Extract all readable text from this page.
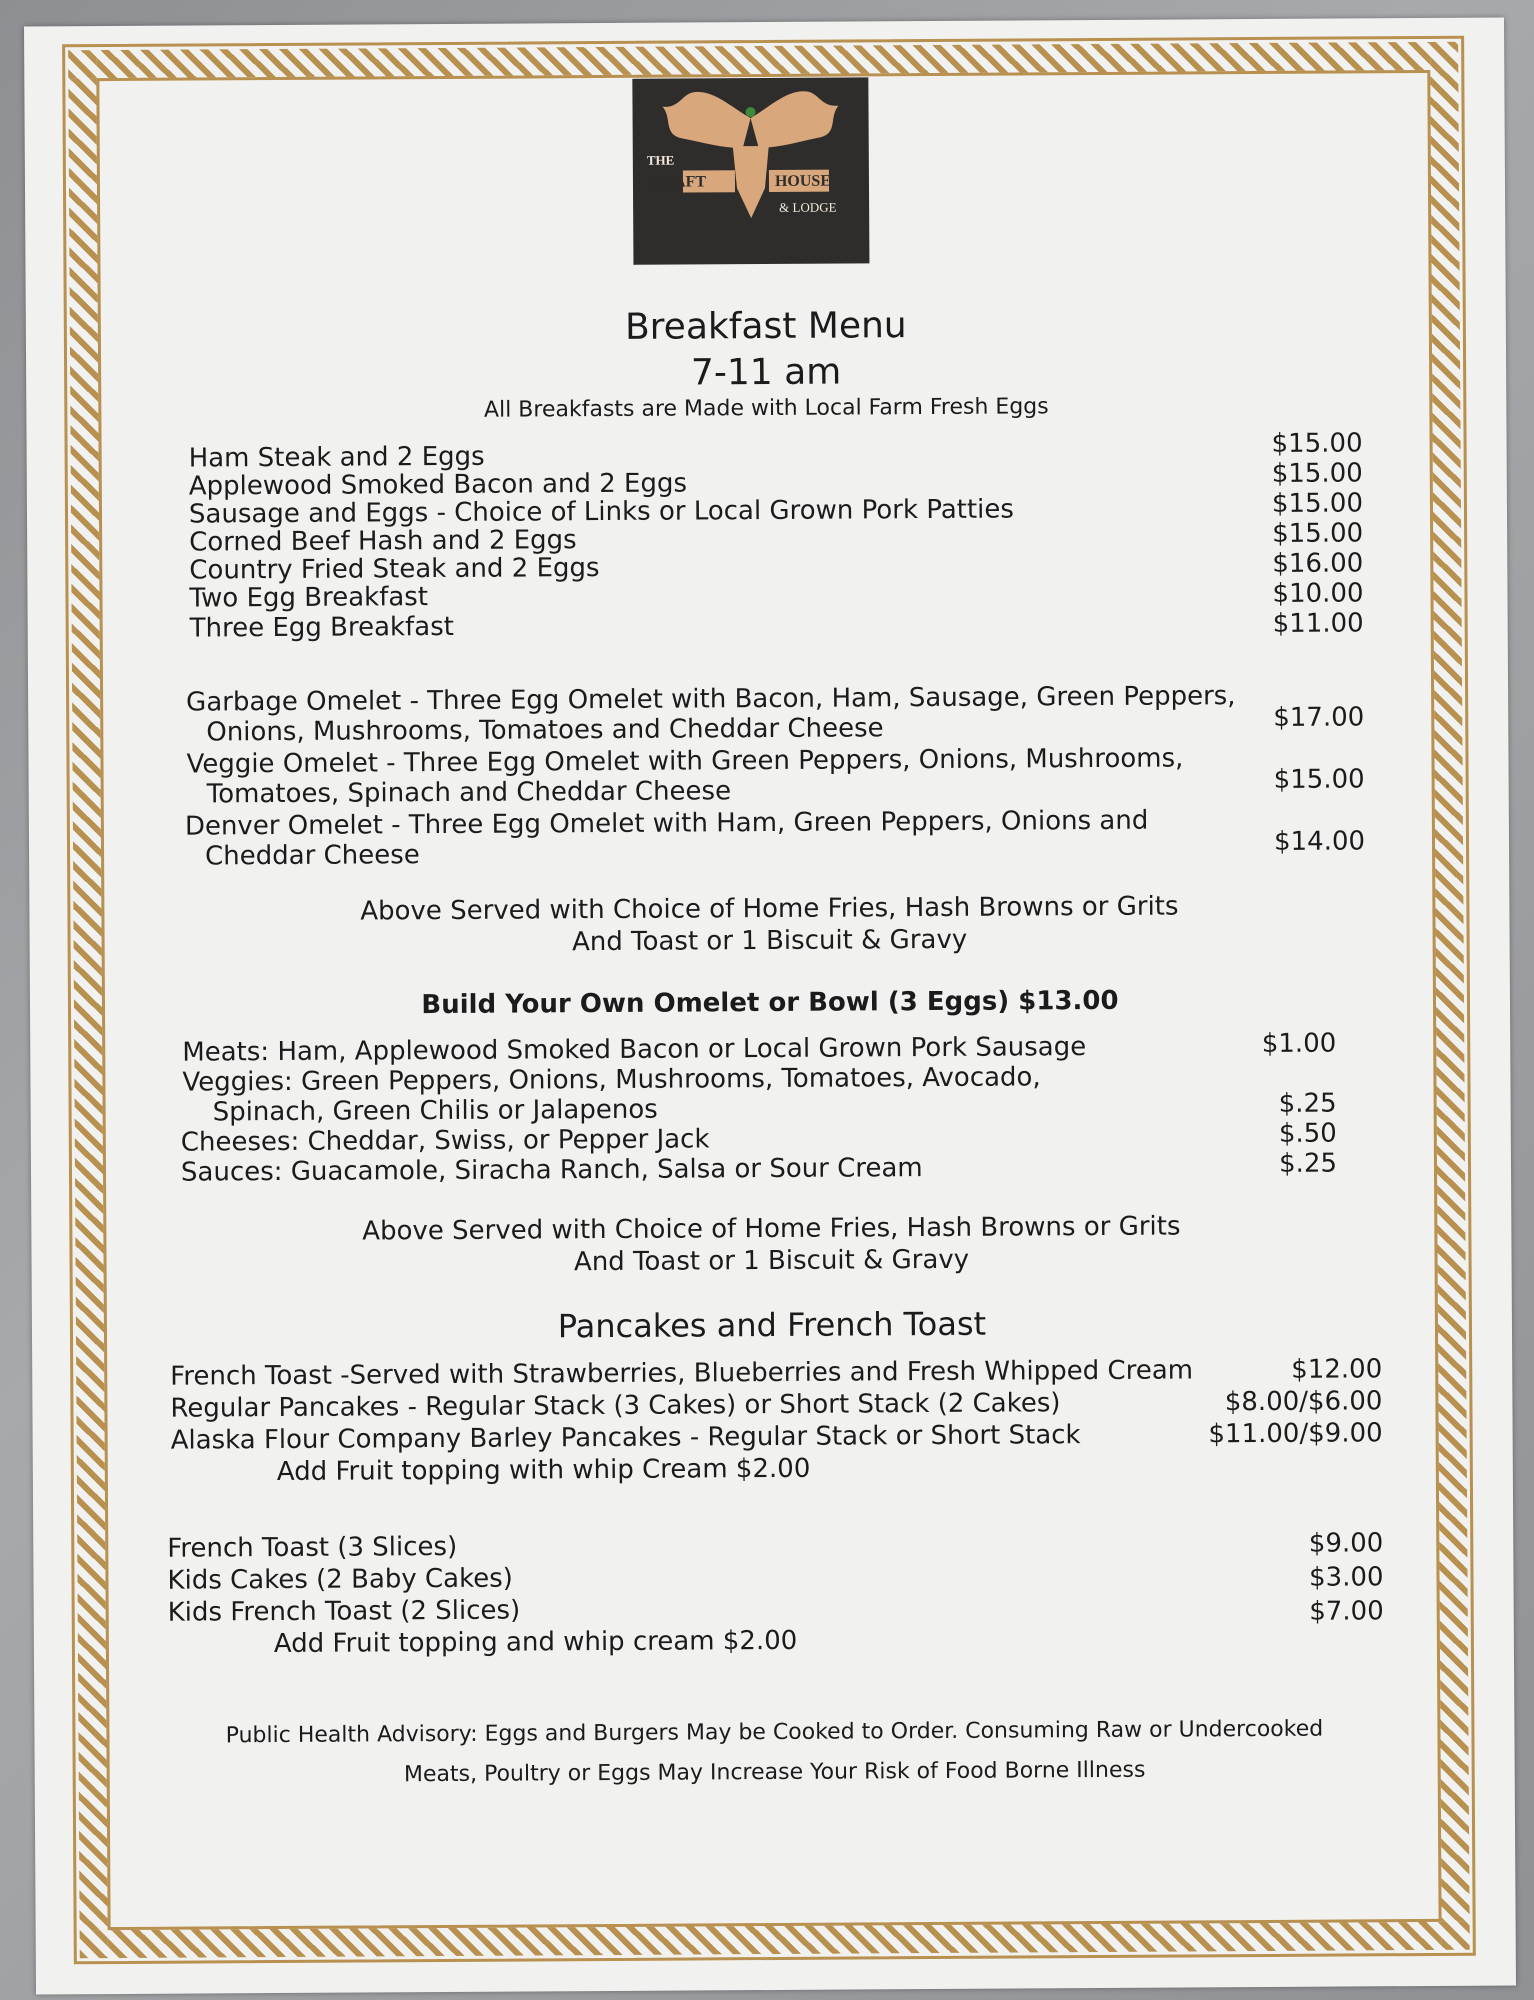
THE
DRAFT	HOUSE
& LODGE
Breakfast Menu
7-11 am
All Breakfasts are Made with Local Farm Fresh Eggs
Ham Steak and 2 Eggs	$15.00
Applewood Smoked Bacon and 2 Eggs	$15.00
Sausage and Eggs - Choice of Links or Local Grown Pork Patties	$15.00
Corned Beef Hash and 2 Eggs	$15.00
Country Fried Steak and 2 Eggs	$16.00
Two Egg Breakfast	$10.00
Three Egg Breakfast	$11.00
Garbage Omelet - Three Egg Omelet with Bacon, Ham, Sausage, Green Peppers,
Onions, Mushrooms, Tomatoes and Cheddar Cheese	$17.00
Veggie Omelet - Three Egg Omelet with Green Peppers, Onions, Mushrooms,
Tomatoes, Spinach and Cheddar Cheese	$15.00
Denver Omelet - Three Egg Omelet with Ham, Green Peppers, Onions and
Cheddar Cheese	$14.00
Above Served with Choice of Home Fries, Hash Browns or Grits
And Toast or 1 Biscuit & Gravy
Build Your Own Omelet or Bowl (3 Eggs) $13.00
Meats: Ham, Applewood Smoked Bacon or Local Grown Pork Sausage	$1.00
Veggies: Green Peppers, Onions, Mushrooms, Tomatoes, Avocado,
Spinach, Green Chilis or Jalapenos	$.25
Cheeses: Cheddar, Swiss, or Pepper Jack	$.50
Sauces: Guacamole, Siracha Ranch, Salsa or Sour Cream	$.25
Above Served with Choice of Home Fries, Hash Browns or Grits
And Toast or 1 Biscuit & Gravy
Pancakes and French Toast
French Toast -Served with Strawberries, Blueberries and Fresh Whipped Cream	$12.00
Regular Pancakes - Regular Stack (3 Cakes) or Short Stack (2 Cakes)	$8.00/$6.00
Alaska Flour Company Barley Pancakes - Regular Stack or Short Stack	$11.00/$9.00
Add Fruit topping with whip Cream $2.00
French Toast (3 Slices)	$9.00
Kids Cakes (2 Baby Cakes)	$3.00
Kids French Toast (2 Slices)	$7.00
Add Fruit topping and whip cream $2.00
Public Health Advisory: Eggs and Burgers May be Cooked to Order. Consuming Raw or Undercooked
Meats, Poultry or Eggs May Increase Your Risk of Food Borne Illness
